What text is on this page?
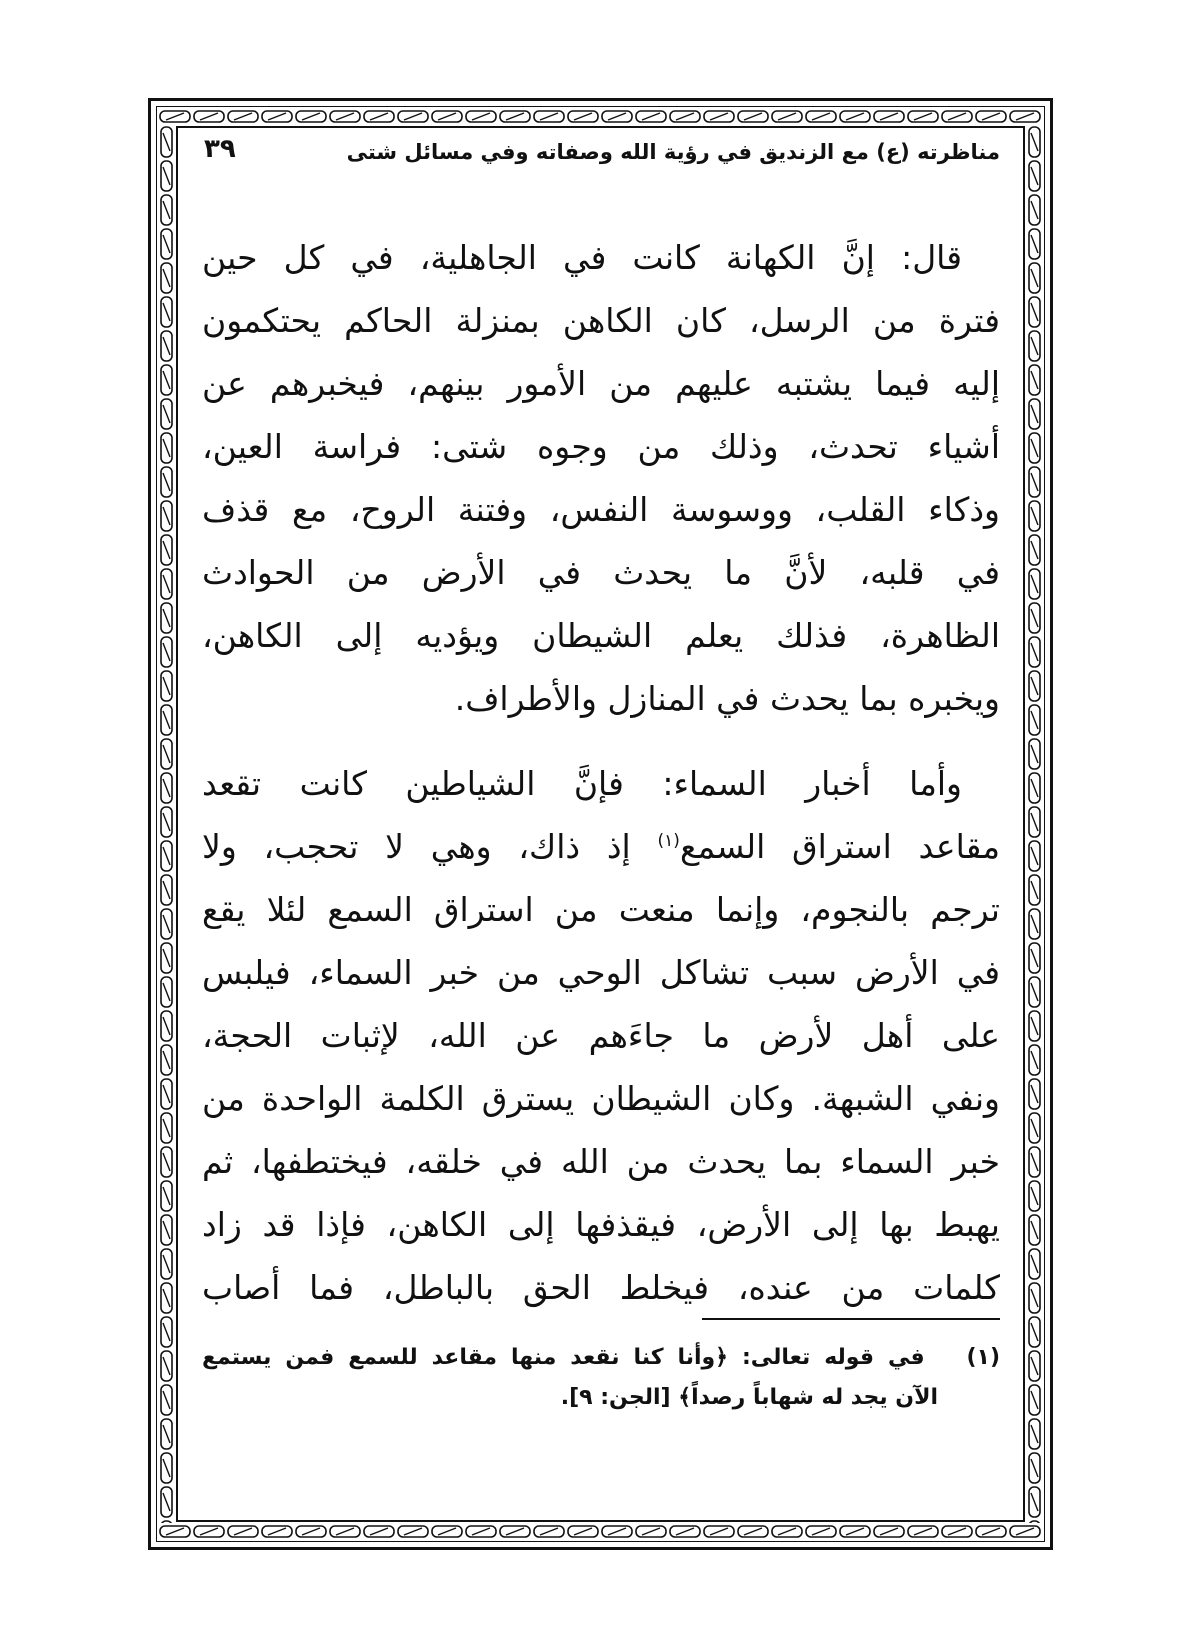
٣٩	مناظرته (ع) مع الزنديق في رؤية الله وصفاته وفي مسائل شتى
قال: إنَّ الكهانة كانت في الجاهلية، في كل حين
فترة من الرسل، كان الكاهن بمنزلة الحاكم يحتكمون
إليه فيما يشتبه عليهم من الأمور بينهم، فيخبرهم عن
أشياء تحدث، وذلك من وجوه شتى: فراسة العين،
وذكاء القلب، ووسوسة النفس، وفتنة الروح، مع قذف
في قلبه، لأنَّ ما يحدث في الأرض من الحوادث
الظاهرة، فذلك يعلم الشيطان ويؤديه إلى الكاهن،
ويخبره بما يحدث في المنازل والأطراف.
وأما أخبار السماء: فإنَّ الشياطين كانت تقعد
مقاعد استراق السمع$^{(١)}$ إذ ذاك، وهي لا تحجب، ولا
ترجم بالنجوم، وإنما منعت من استراق السمع لئلا يقع
في الأرض سبب تشاكل الوحي من خبر السماء، فيلبس
على أهل لأرض ما جاءَهم عن الله، لإثبات الحجة،
ونفي الشبهة. وكان الشيطان يسترق الكلمة الواحدة من
خبر السماء بما يحدث من الله في خلقه، فيختطفها، ثم
يهبط بها إلى الأرض، فيقذفها إلى الكاهن، فإذا قد زاد
كلمات من عنده، فيخلط الحق بالباطل، فما أصاب
(١)   في قوله تعالى: ﴿وأنا كنا نقعد منها مقاعد للسمع فمن يستمع
الآن يجد له شهاباً رصداً﴾ [الجن: ٩].
